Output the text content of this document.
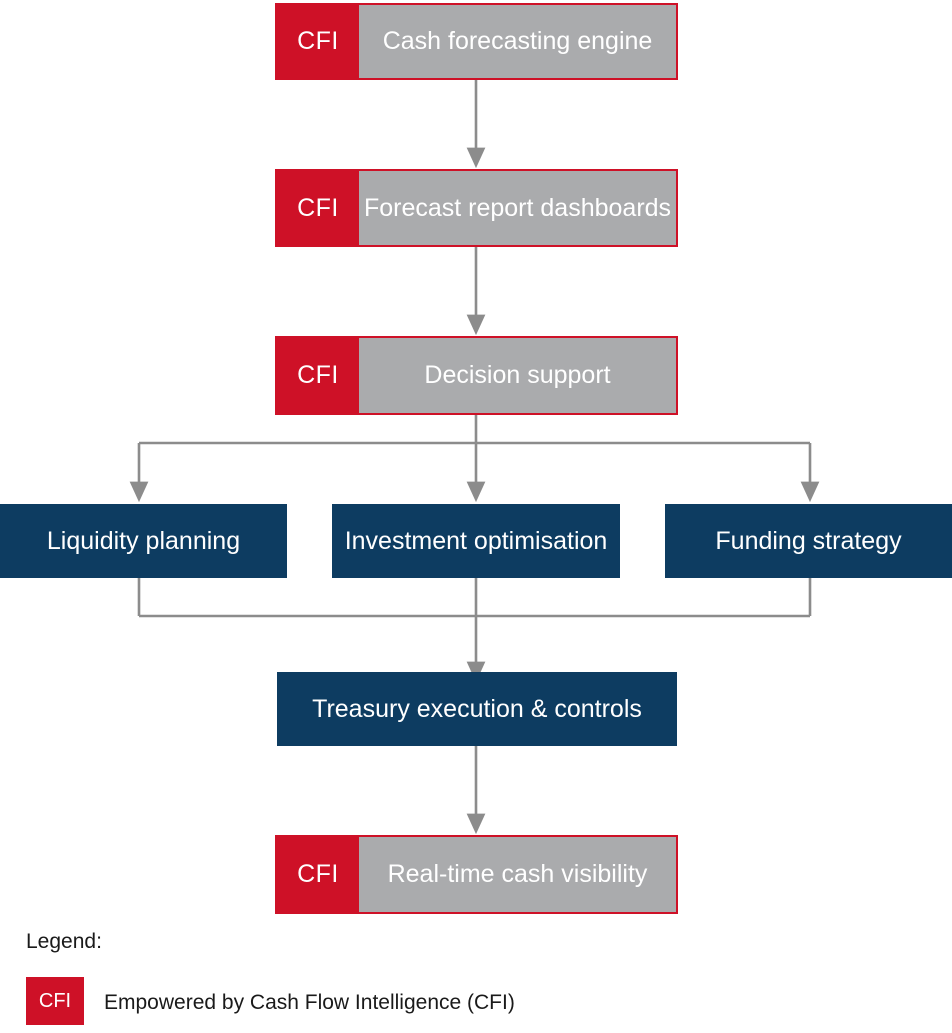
CFI	Cash forecasting engine
CFI	Forecast report dashboards
CFI	Decision support
Liquidity planning	Investment optimisation	Funding strategy
Treasury execution & controls
CFI	Real-time cash visibility
Legend:
CFI	Empowered by Cash Flow Intelligence (CFI)
